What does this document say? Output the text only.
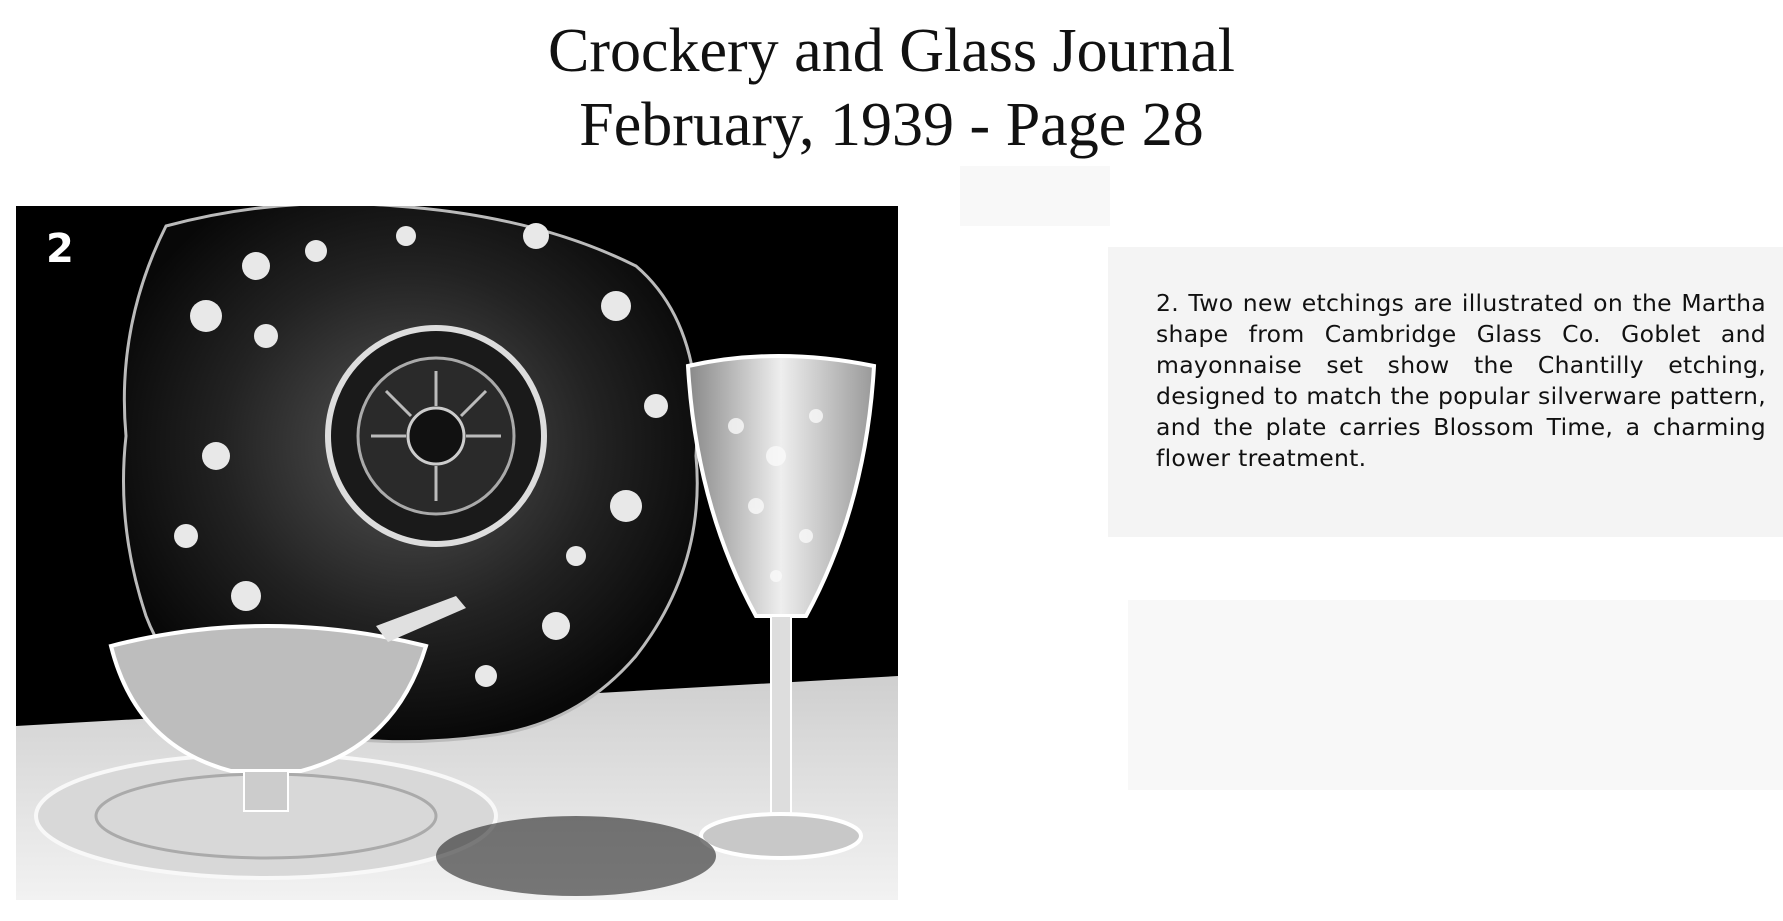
Crockery and Glass Journal
February, 1939 - Page 28
2
2. Two new etchings are illustrated on the Martha shape from Cambridge Glass Co. Goblet and mayonnaise set show the Chantilly etching, designed to match the popular silverware pattern, and the plate carries Blossom Time, a charming flower treatment.
